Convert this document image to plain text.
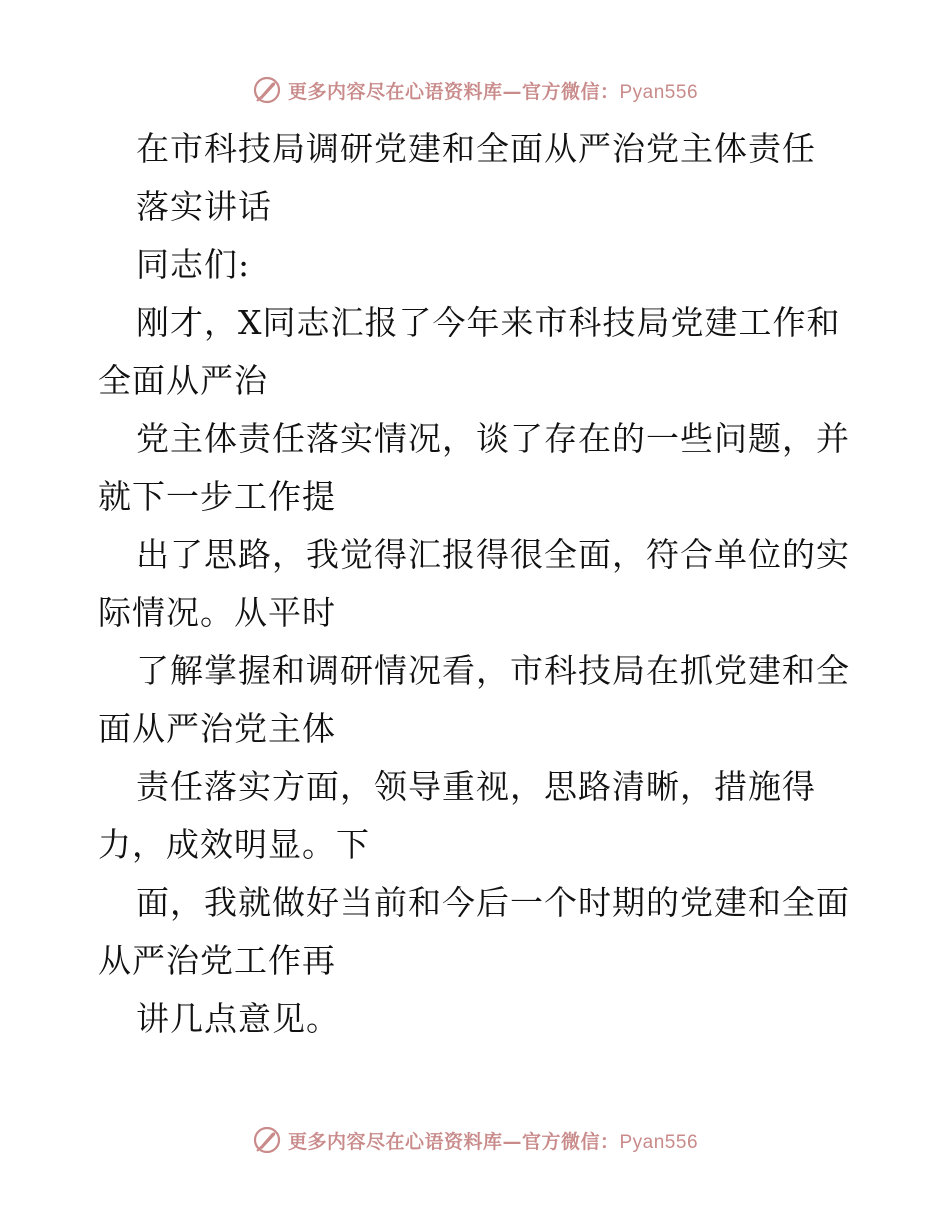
更多内容尽在心语资料库—官方微信：Pyan556
在市科技局调研党建和全面从严治党主体责任
落实讲话
同志们:
刚才，X同志汇报了今年来市科技局党建工作和
全面从严治
党主体责任落实情况，谈了存在的一些问题，并
就下一步工作提
出了思路，我觉得汇报得很全面，符合单位的实
际情况。从平时
了解掌握和调研情况看，市科技局在抓党建和全
面从严治党主体
责任落实方面，领导重视，思路清晰，措施得
力，成效明显。下
面，我就做好当前和今后一个时期的党建和全面
从严治党工作再
讲几点意见。
更多内容尽在心语资料库—官方微信：Pyan556
